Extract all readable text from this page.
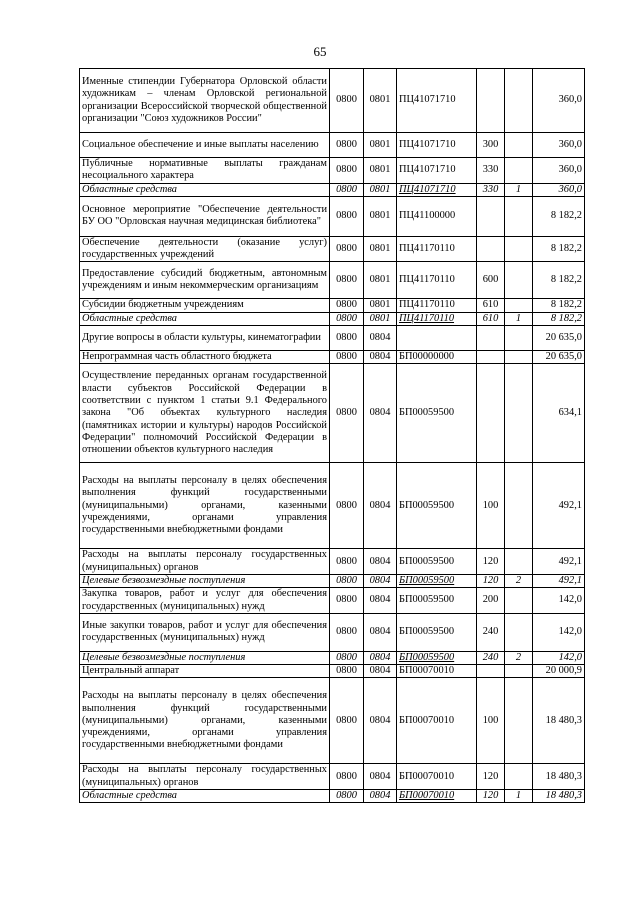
65
Именные стипендии Губернатора Орловской области художникам – членам Орловской региональной организации Всероссийской творческой общественной организации "Союз художников России"	0800	0801	ПЦ41071710			360,0
Социальное обеспечение и иные выплаты населению	0800	0801	ПЦ41071710	300		360,0
Публичные нормативные выплаты гражданам несоциального характера	0800	0801	ПЦ41071710	330		360,0
Областные средства	0800	0801	ПЦ41071710	330	1	360,0
Основное мероприятие "Обеспечение деятельности БУ ОО "Орловская научная медицинская библиотека"	0800	0801	ПЦ41100000			8 182,2
Обеспечение деятельности (оказание услуг) государственных учреждений	0800	0801	ПЦ41170110			8 182,2
Предоставление субсидий бюджетным, автономным учреждениям и иным некоммерческим организациям	0800	0801	ПЦ41170110	600		8 182,2
Субсидии бюджетным учреждениям	0800	0801	ПЦ41170110	610		8 182,2
Областные средства	0800	0801	ПЦ41170110	610	1	8 182,2
Другие вопросы в области культуры, кинематографии	0800	0804				20 635,0
Непрограммная часть областного бюджета	0800	0804	БП00000000			20 635,0
Осуществление переданных органам государственной власти субъектов Российской Федерации в соответствии с пунктом 1 статьи 9.1 Федерального закона "Об объектах культурного наследия (памятниках истории и культуры) народов Российской Федерации" полномочий Российской Федерации в отношении объектов культурного наследия	0800	0804	БП00059500			634,1
Расходы на выплаты персоналу в целях обеспечения выполнения функций государственными (муниципальными) органами, казенными учреждениями, органами управления государственными внебюджетными фондами	0800	0804	БП00059500	100		492,1
Расходы на выплаты персоналу государственных (муниципальных) органов	0800	0804	БП00059500	120		492,1
Целевые безвозмездные поступления	0800	0804	БП00059500	120	2	492,1
Закупка товаров, работ и услуг для обеспечения государственных (муниципальных) нужд	0800	0804	БП00059500	200		142,0
Иные закупки товаров, работ и услуг для обеспечения государственных (муниципальных) нужд	0800	0804	БП00059500	240		142,0
Целевые безвозмездные поступления	0800	0804	БП00059500	240	2	142,0
Центральный аппарат	0800	0804	БП00070010			20 000,9
Расходы на выплаты персоналу в целях обеспечения выполнения функций государственными (муниципальными) органами, казенными учреждениями, органами управления государственными внебюджетными фондами	0800	0804	БП00070010	100		18 480,3
Расходы на выплаты персоналу государственных (муниципальных) органов	0800	0804	БП00070010	120		18 480,3
Областные средства	0800	0804	БП00070010	120	1	18 480,3
